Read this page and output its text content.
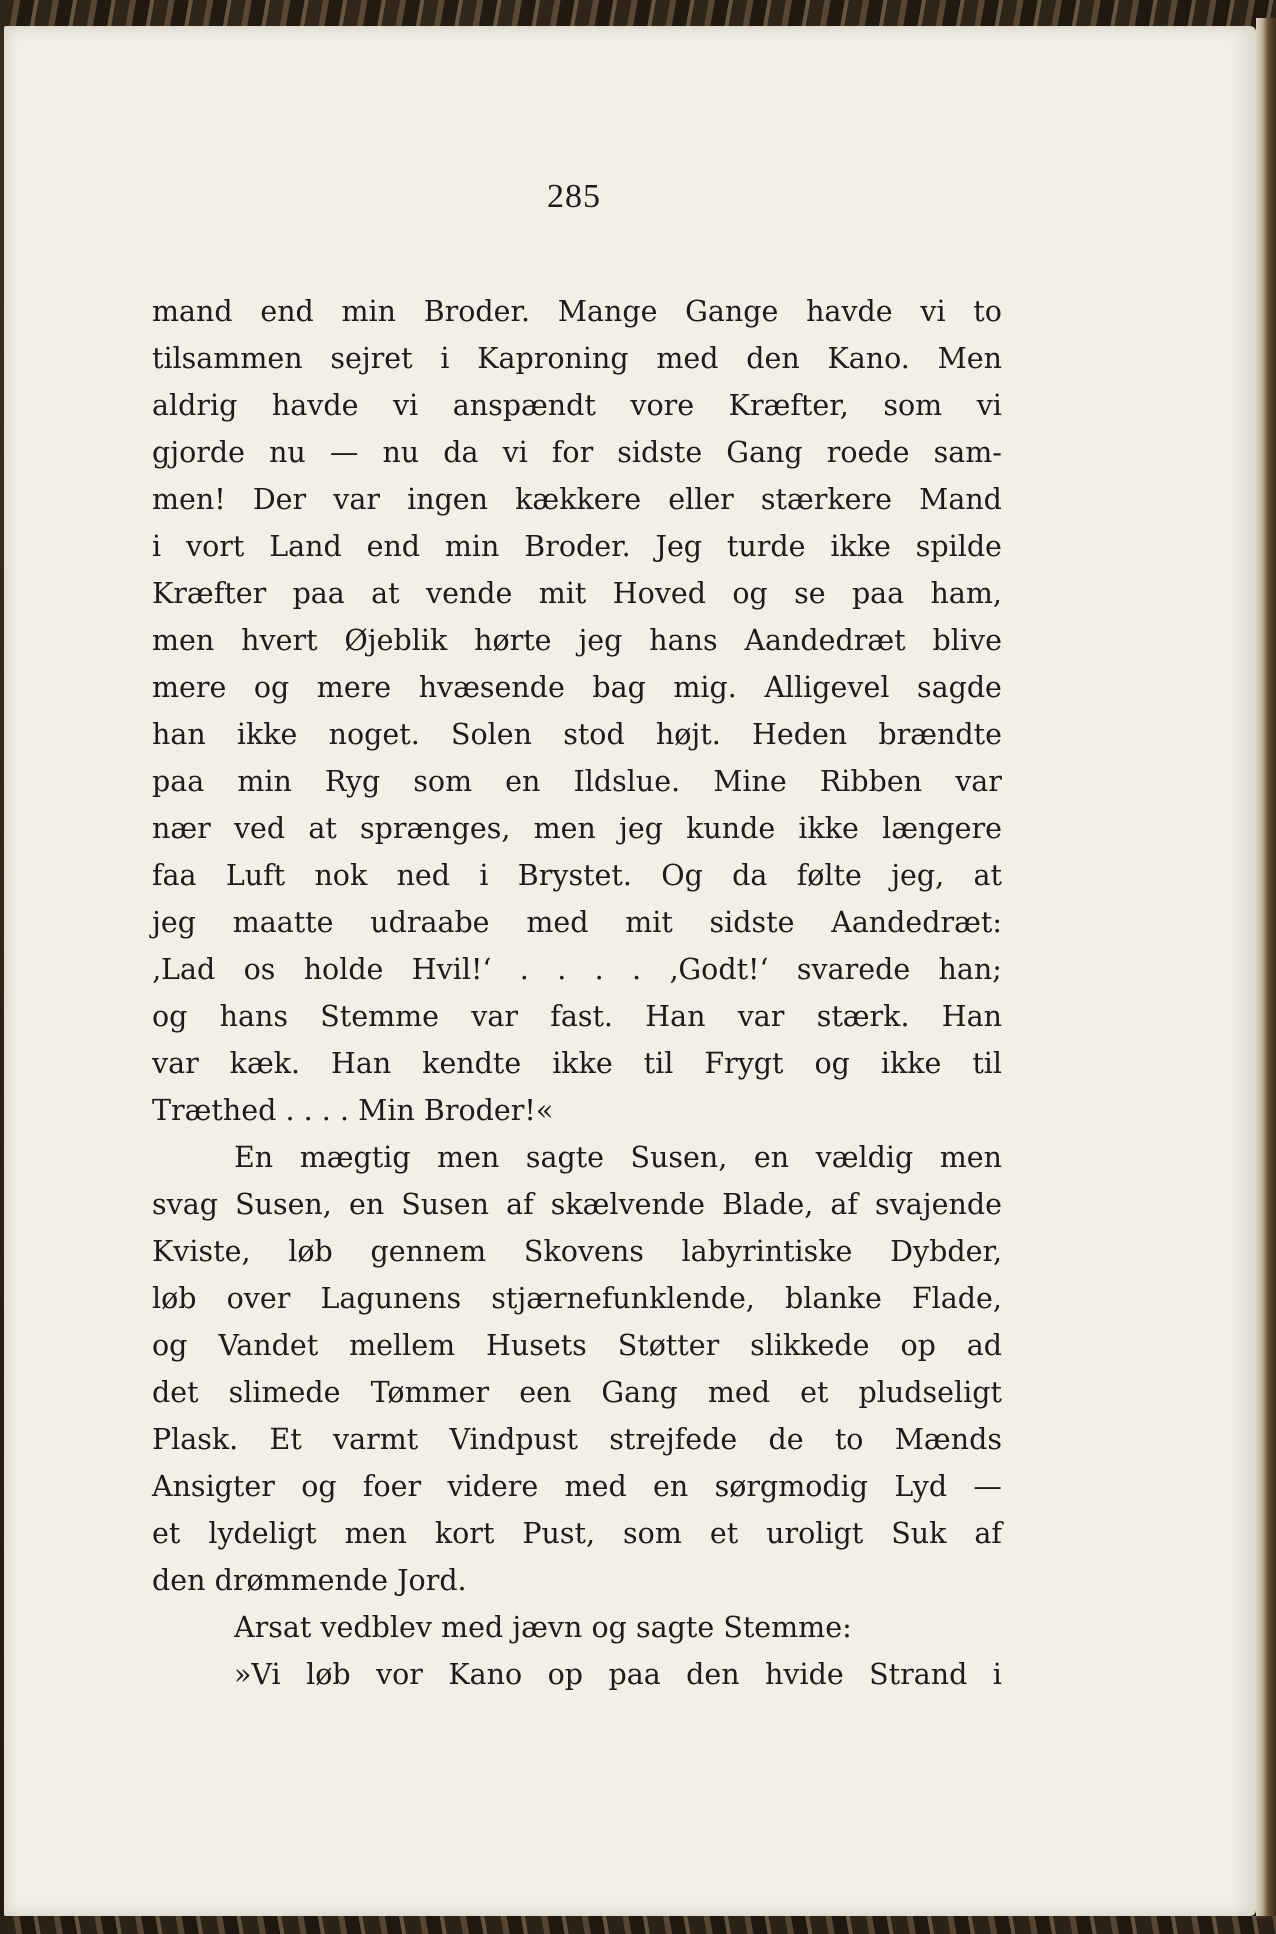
285
mand end min Broder. Mange Gange havde vi to
tilsammen sejret i Kaproning med den Kano. Men
aldrig havde vi anspændt vore Kræfter, som vi
gjorde nu — nu da vi for sidste Gang roede sam-
men! Der var ingen kækkere eller stærkere Mand
i vort Land end min Broder. Jeg turde ikke spilde
Kræfter paa at vende mit Hoved og se paa ham,
men hvert Øjeblik hørte jeg hans Aandedræt blive
mere og mere hvæsende bag mig. Alligevel sagde
han ikke noget. Solen stod højt. Heden brændte
paa min Ryg som en Ildslue. Mine Ribben var
nær ved at sprænges, men jeg kunde ikke længere
faa Luft nok ned i Brystet. Og da følte jeg, at
jeg maatte udraabe med mit sidste Aandedræt:
‚Lad os holde Hvil!‘ . . . . ‚Godt!‘ svarede han;
og hans Stemme var fast. Han var stærk. Han
var kæk. Han kendte ikke til Frygt og ikke til
Træthed . . . . Min Broder!«
En mægtig men sagte Susen, en vældig men
svag Susen, en Susen af skælvende Blade, af svajende
Kviste, løb gennem Skovens labyrintiske Dybder,
løb over Lagunens stjærnefunklende, blanke Flade,
og Vandet mellem Husets Støtter slikkede op ad
det slimede Tømmer een Gang med et pludseligt
Plask. Et varmt Vindpust strejfede de to Mænds
Ansigter og foer videre med en sørgmodig Lyd —
et lydeligt men kort Pust, som et uroligt Suk af
den drømmende Jord.
Arsat vedblev med jævn og sagte Stemme:
»Vi løb vor Kano op paa den hvide Strand i
